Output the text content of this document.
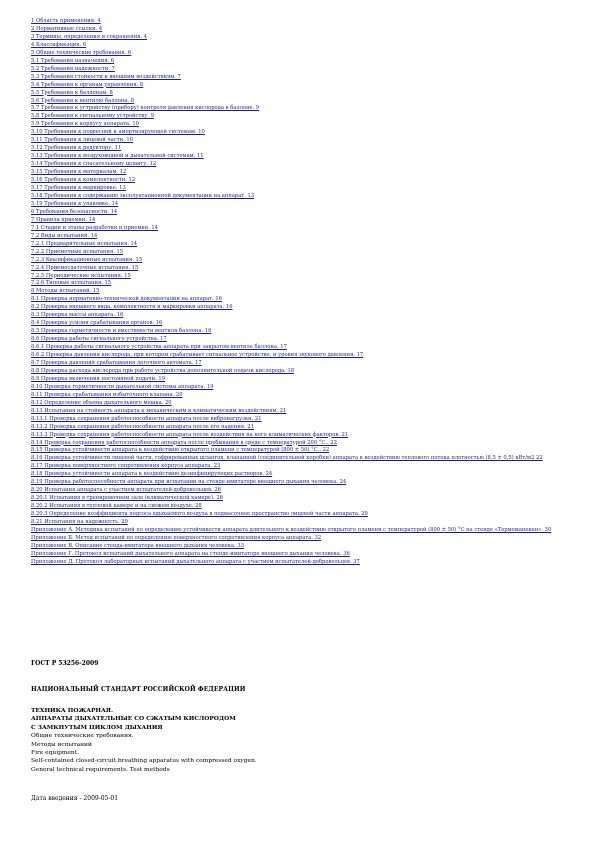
1 Область применения. 4
2 Нормативные ссылки. 4
3 Термины, определения и сокращения. 4
4 Классификация. 6
5 Общие технические требования. 6
5.1 Требования назначения. 6
5.2 Требования надежности. 7
5.3 Требования стойкости к внешним воздействиям. 7
5.4 Требования к органам управления. 8
5.5 Требования к баллонам. 8
5.6 Требования к вентилю баллона. 8
5.7 Требования к устройству (прибору) контроля давления кислорода в баллоне. 9
5.8 Требования к сигнальному устройству. 9
5.9 Требования к корпусу аппарата. 10
5.10 Требования к подвесной и амортизирующей системам. 10
5.11 Требования к лицевой части. 10
5.12 Требования к редуктору. 11
5.13 Требования к воздуховодной и дыхательной системам. 11
5.14 Требования к спасательному шлангу. 12
5.15 Требования к материалам. 12
5.16 Требования к комплектности. 12
5.17 Требования к маркировке. 13
5.18 Требования к содержанию эксплуатационной документации на аппарат. 13
5.19 Требования к упаковке. 14
6 Требования безопасности. 14
7 Правила приемки. 14
7.1 Стадии и этапы разработки и приемки. 14
7.2 Виды испытаний. 14
7.2.1 Предварительные испытания. 14
7.2.2 Приемочные испытания. 15
7.2.3 Квалификационные испытания. 15
7.2.4 Приемосдаточные испытания. 15
7.2.5 Периодические испытания. 15
7.2.6 Типовые испытания. 15
8 Методы испытаний. 15
8.1 Проверка нормативно-технической документации на аппарат. 16
8.2 Проверка внешнего вида, комплектности и маркировки аппарата. 16
8.3 Проверка массы аппарата. 16
8.4 Проверка усилия срабатывания органов. 16
8.5 Проверка герметичности и вместимости вентиля баллона. 16
8.6 Проверка работы сигнального устройства. 17
8.6.1 Проверка работы сигнального устройства аппарата при закрытом вентиле баллона. 17
8.6.2 Проверка давления кислорода, при котором срабатывает сигнальное устройство, и уровня звукового давления. 17
8.7 Проверка давления срабатывания легочного автомата. 17
8.8 Проверка расхода кислорода при работе устройства дополнительной подачи кислорода. 18
8.9 Проверка включения постоянной подачи. 19
8.10 Проверка герметичности дыхательной системы аппарата. 19
8.11 Проверка срабатывания избыточного клапана. 20
8.12 Определение объема дыхательного мешка. 20
8.13 Испытания на стойкость аппарата к механическим и климатическим воздействиям. 21
8.13.1 Проверка сохранения работоспособности аппарата после вибронагрузки. 21
8.13.2 Проверка сохранения работоспособности аппарата после его падения. 21
8.13.3 Проверка сохранения работоспособности аппарата после воздействия на него климатических факторов. 21
8.14 Проверка сохранения работоспособности аппарата после пребывания в среде с температурой 200 °С.. 22
8.15 Проверка устойчивости аппарата к воздействию открытого пламени с температурой (800 ± 50) °С.. 22
8.16 Проверка устойчивости лицевой части, гофрированных шлангов, клапанной (соединительной коробки) аппарата к воздействию теплового потока плотностью (8,5 ± 0,5) кВт/м2 22
8.17 Проверка поверхностного сопротивления корпуса аппарата. 23
8.18 Проверка устойчивости аппарата к воздействию дезинфицирующих растворов. 24
8.19 Проверка работоспособности аппарата при испытании на стенде-имитаторе внешнего дыхания человека. 24
8.20 Испытания аппарата с участием испытателей-добровольцев. 26
8.20.1 Испытания в тренировочном зале (климатической камере). 26
8.20.2 Испытания в тепловой камере и на свежем воздухе. 28
8.20.3 Определение коэффициента подсоса вдыхаемого воздуха в подмасочное пространство лицевой части аппарата. 29
8.21 Испытания на надежность. 29
Приложение А. Методика испытаний по определению устойчивости аппарата длительного к воздействию открытого пламени с температурой (800 ± 50) °С на стенде «Термоманекен». 30
Приложение Б. Метод испытаний по определению поверхностного сопротивления корпуса аппарата. 32
Приложение В. Описание стенда-имитатора внешнего дыхания человека. 33
Приложение Г. Протокол испытаний дыхательного аппарата на стенде-имитаторе внешнего дыхания человека. 36
Приложение Д. Протокол лабораторных испытаний дыхательного аппарата с участием испытателей-добровольцев. 37
ГОСТ Р 53256-2009
НАЦИОНАЛЬНЫЙ СТАНДАРТ РОССИЙСКОЙ ФЕДЕРАЦИИ
ТЕХНИКА ПОЖАРНАЯ.
АППАРАТЫ ДЫХАТЕЛЬНЫЕ СО СЖАТЫМ КИСЛОРОДОМ
С ЗАМКНУТЫМ ЦИКЛОМ ДЫХАНИЯ
Общие технические требования.
Методы испытаний
Fire equipment.
Self-contained closed-circuit breathing apparatus with compressed oxygen.
General technical requirements. Test methods
Дата введения - 2009-05-01
